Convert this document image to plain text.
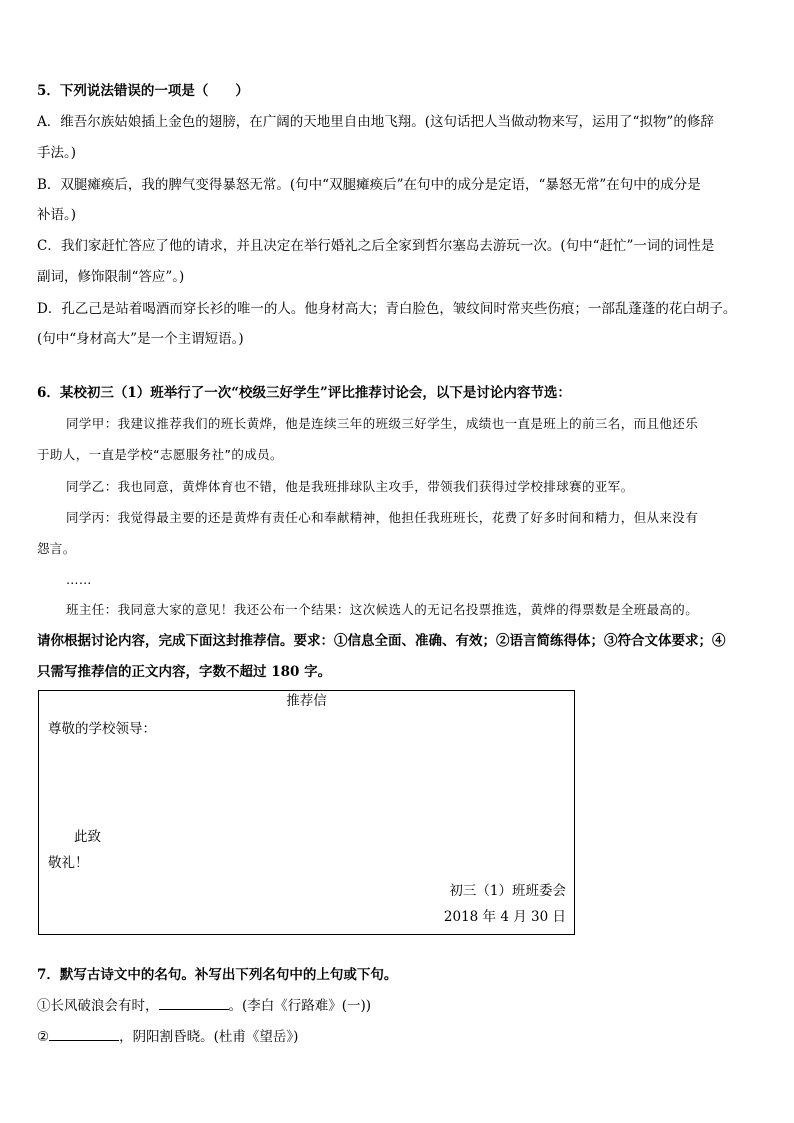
5．下列说法错误的一项是（　　）
A．维吾尔族姑娘插上金色的翅膀，在广阔的天地里自由地飞翔。(这句话把人当做动物来写，运用了“拟物”的修辞
手法。)
B．双腿瘫痪后，我的脾气变得暴怒无常。(句中“双腿瘫痪后”在句中的成分是定语，“暴怒无常”在句中的成分是
补语。)
C．我们家赶忙答应了他的请求，并且决定在举行婚礼之后全家到哲尔塞岛去游玩一次。(句中“赶忙”一词的词性是
副词，修饰限制“答应”。)
D．孔乙己是站着喝酒而穿长衫的唯一的人。他身材高大；青白脸色，皱纹间时常夹些伤痕；一部乱蓬蓬的花白胡子。
(句中“身材高大”是一个主谓短语。)
6．某校初三（1）班举行了一次“校级三好学生”评比推荐讨论会，以下是讨论内容节选：
同学甲：我建议推荐我们的班长黄烨，他是连续三年的班级三好学生，成绩也一直是班上的前三名，而且他还乐
于助人，一直是学校“志愿服务社”的成员。
同学乙：我也同意，黄烨体育也不错，他是我班排球队主攻手，带领我们获得过学校排球赛的亚军。
同学丙：我觉得最主要的还是黄烨有责任心和奉献精神，他担任我班班长，花费了好多时间和精力，但从来没有
怨言。
……
班主任：我同意大家的意见！我还公布一个结果：这次候选人的无记名投票推选，黄烨的得票数是全班最高的。
请你根据讨论内容，完成下面这封推荐信。要求：①信息全面、准确、有效；②语言简练得体；③符合文体要求；④
只需写推荐信的正文内容，字数不超过 180 字。
推荐信
尊敬的学校领导：
此致
敬礼！
初三（1）班班委会
2018 年 4 月 30 日
7．默写古诗文中的名句。补写出下列名句中的上句或下句。
①长风破浪会有时，	。(李白《行路难》(一))
②	，阴阳割昏晓。(杜甫《望岳》)
